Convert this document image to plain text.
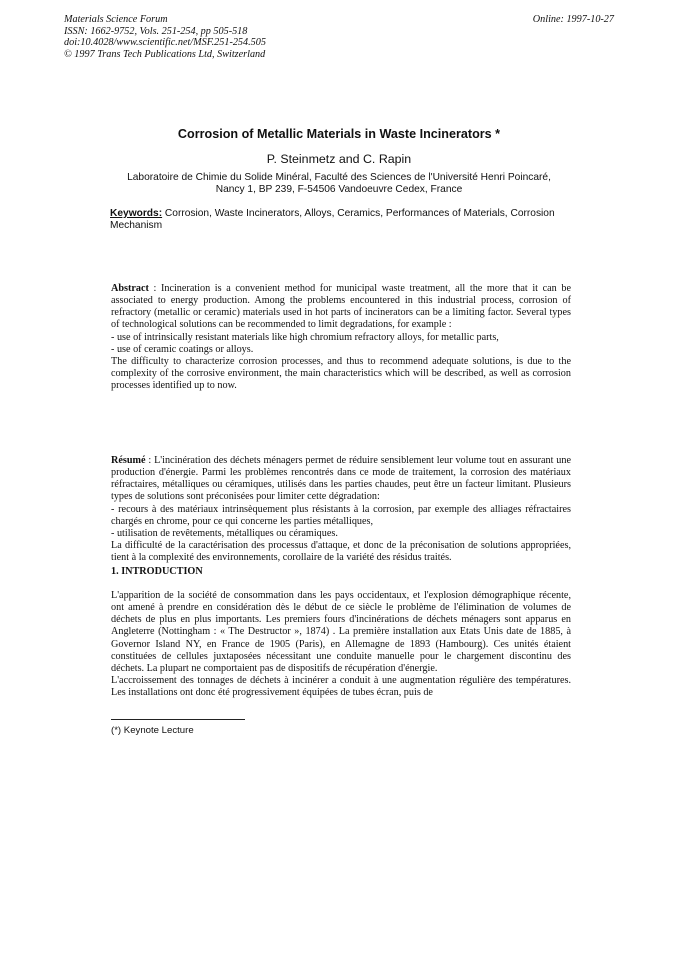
Materials Science Forum
ISSN: 1662-9752, Vols. 251-254, pp 505-518
doi:10.4028/www.scientific.net/MSF.251-254.505
© 1997 Trans Tech Publications Ltd, Switzerland
Online: 1997-10-27
Corrosion of Metallic Materials in Waste Incinerators *
P. Steinmetz and C. Rapin
Laboratoire de Chimie du Solide Minéral, Faculté des Sciences de l'Université Henri Poincaré,
Nancy 1, BP 239, F-54506 Vandoeuvre Cedex, France
Keywords: Corrosion, Waste Incinerators, Alloys, Ceramics, Performances of Materials, Corrosion Mechanism

Abstract : Incineration is a convenient method for municipal waste treatment, all the more that it can be associated to energy production. Among the problems encountered in this industrial process, corrosion of refractory (metallic or ceramic) materials used in hot parts of incinerators can be a limiting factor. Several types of technological solutions can be recommended to limit degradations, for example :

- use of intrinsically resistant materials like high chromium refractory alloys, for metallic parts,

- use of ceramic coatings or alloys.

The difficulty to characterize corrosion processes, and thus to recommend adequate solutions, is due to the complexity of the corrosive environment, the main characteristics which will be described, as well as corrosion processes identified up to now.

Résumé : L'incinération des déchets ménagers permet de réduire sensiblement leur volume tout en assurant une production d'énergie. Parmi les problèmes rencontrés dans ce mode de traitement, la corrosion des matériaux réfractaires, métalliques ou céramiques, utilisés dans les parties chaudes, peut être un facteur limitant. Plusieurs types de solutions sont préconisées pour limiter cette dégradation:

- recours à des matériaux intrinsèquement plus résistants à la corrosion, par exemple des alliages réfractaires chargés en chrome, pour ce qui concerne les parties métalliques,

- utilisation de revêtements, métalliques ou céramiques.

La difficulté de la caractérisation des processus d'attaque, et donc de la préconisation de solutions appropriées, tient à la complexité des environnements, corollaire de la variété des résidus traités.

1. INTRODUCTION

L'apparition de la société de consommation dans les pays occidentaux, et l'explosion démographique récente, ont amené à prendre en considération dès le début de ce siècle le problème de l'élimination de volumes de déchets de plus en plus importants. Les premiers fours d'incinérations de déchets ménagers sont apparus en Angleterre (Nottingham : « The Destructor », 1874) . La première installation aux Etats Unis date de 1885, à Governor Island NY, en France de 1905 (Paris), en Allemagne de 1893 (Hambourg). Ces unités étaient constituées de cellules juxtaposées nécessitant une conduite manuelle pour le chargement discontinu des déchets. La plupart ne comportaient pas de dispositifs de récupération d'énergie.

L'accroissement des tonnages de déchets à incinérer a conduit à une augmentation régulière des températures. Les installations ont donc été progressivement équipées de tubes écran, puis de

(*) Keynote Lecture
